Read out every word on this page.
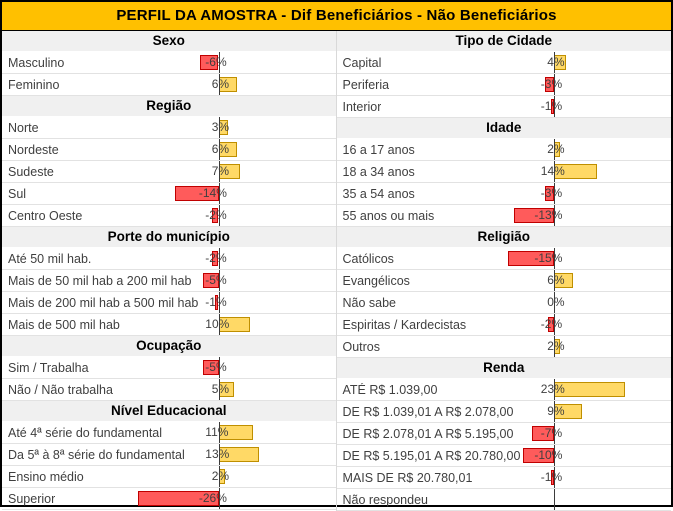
PERFIL DA AMOSTRA - Dif Beneficiários - Não Beneficiários
Sexo
Masculino	-6%
Feminino	6%
Região
Norte	3%
Nordeste	6%
Sudeste	7%
Sul	-14%
Centro Oeste	-2%
Porte do município
Até 50 mil hab.	-2%
Mais de 50 mil hab a 200 mil hab -5%
Mais de 200 mil hab a 500 mil hab -1%
Mais de 500 mil hab	10%
Ocupação
Sim / Trabalha	-5%
Não / Não trabalha	5%
Nível Educacional
Até 4ª série do fundamental	11%
Da 5ª à 8ª série do fundamental 13%
Ensino médio	2%
Superior	-26%
Tipo de Cidade
Capital	4%
Periferia	-3%
Interior	-1%
Idade
16 a 17 anos	2%
18 a 34 anos	14%
35 a 54 anos	-3%
55 anos ou mais	-13%
Religião
Católicos	-15%
Evangélicos	6%
Não sabe	0%
Espiritas / Kardecistas	-2%
Outros	2%
Renda
ATÉ R$ 1.039,00	23%
DE R$ 1.039,01 A R$ 2.078,00	9%
DE R$ 2.078,01 A R$ 5.195,00 -7%
DE R$ 5.195,01 A R$ 20.780,00 -10%
MAIS DE R$ 20.780,01	-1%
Não respondeu
